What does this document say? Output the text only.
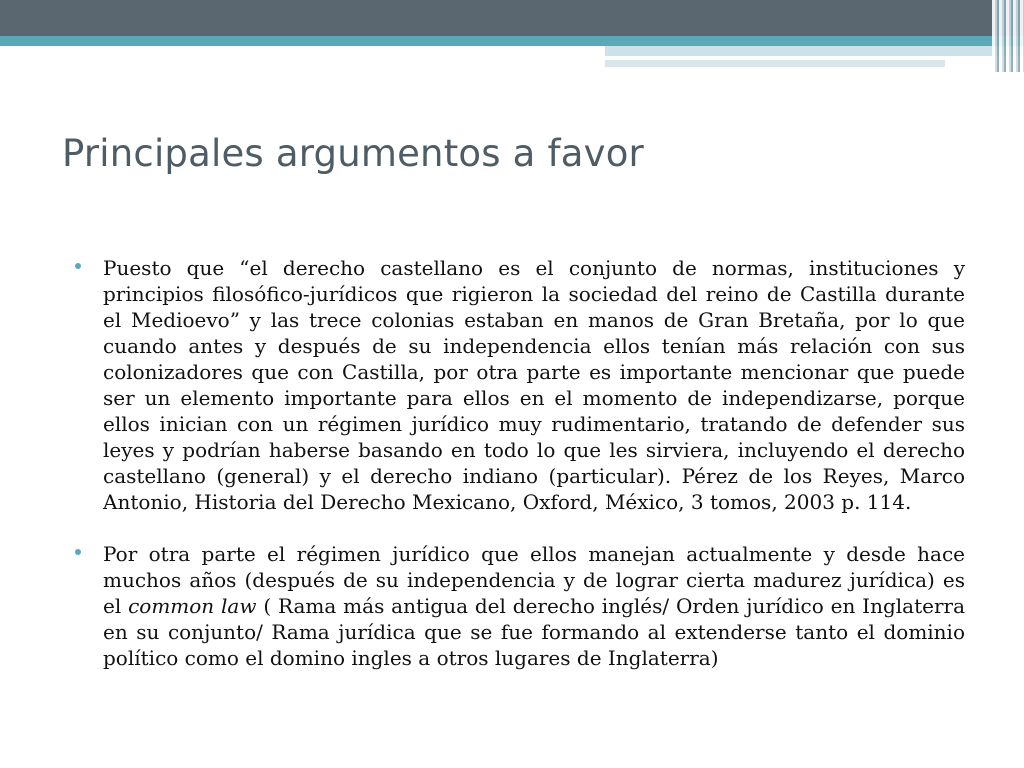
Principales argumentos a favor
Puesto que “el derecho castellano es el conjunto de normas, instituciones y principios filosófico-jurídicos que rigieron la sociedad del reino de Castilla durante el Medioevo” y las trece colonias estaban en manos de Gran Bretaña, por lo que cuando antes y después de su independencia ellos tenían más relación con sus colonizadores que con Castilla, por otra parte es importante mencionar que puede ser un elemento importante para ellos en el momento de independizarse, porque ellos inician con un régimen jurídico muy rudimentario, tratando de defender sus leyes y podrían haberse basando en todo lo que les sirviera, incluyendo el derecho castellano (general) y el derecho indiano (particular). Pérez de los Reyes, Marco Antonio, Historia del Derecho Mexicano, Oxford, México, 3 tomos, 2003 p. 114.
Por otra parte el régimen jurídico que ellos manejan actualmente y desde hace muchos años (después de su independencia y de lograr cierta madurez jurídica) es el common law ( Rama más antigua del derecho inglés/ Orden jurídico en Inglaterra en su conjunto/ Rama jurídica que se fue formando al extenderse tanto el dominio político como el domino ingles a otros lugares de Inglaterra)
